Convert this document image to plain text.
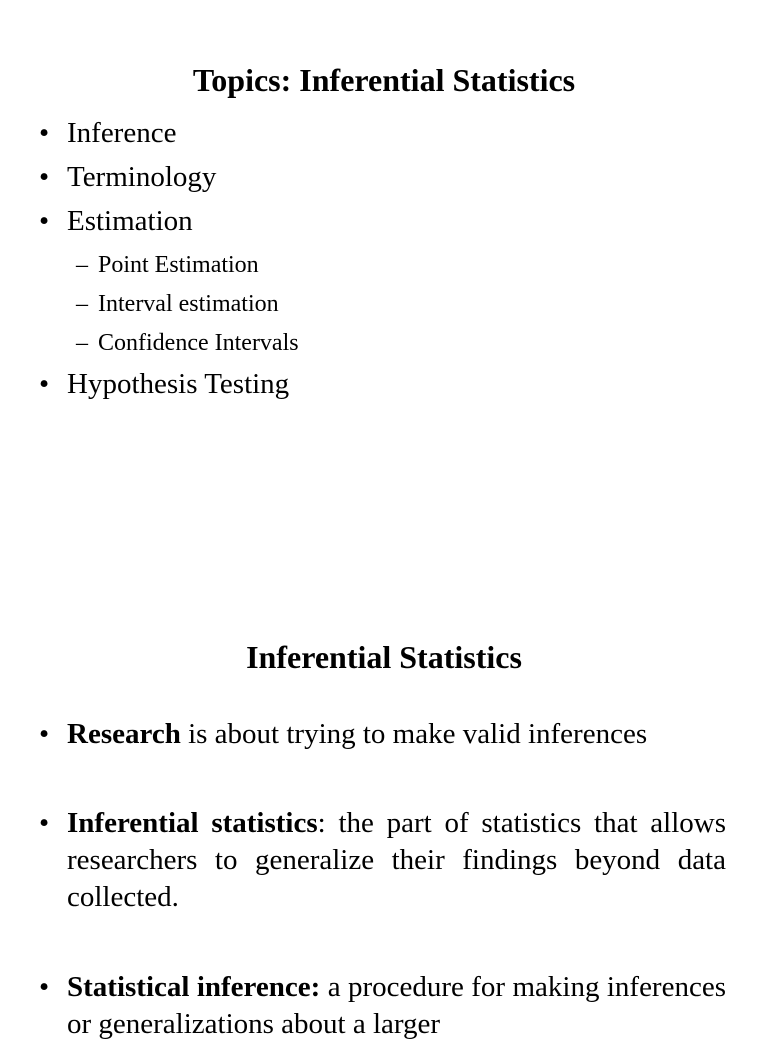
Topics: Inferential Statistics
• Inference
• Terminology
• Estimation
– Point Estimation
– Interval estimation
– Confidence Intervals
• Hypothesis Testing
Inferential Statistics
• Research is about trying to make valid inferences

• Inferential statistics: the part of statistics that allows researchers to generalize their findings beyond data collected.

• Statistical inference: a procedure for making inferences or generalizations about a larger
